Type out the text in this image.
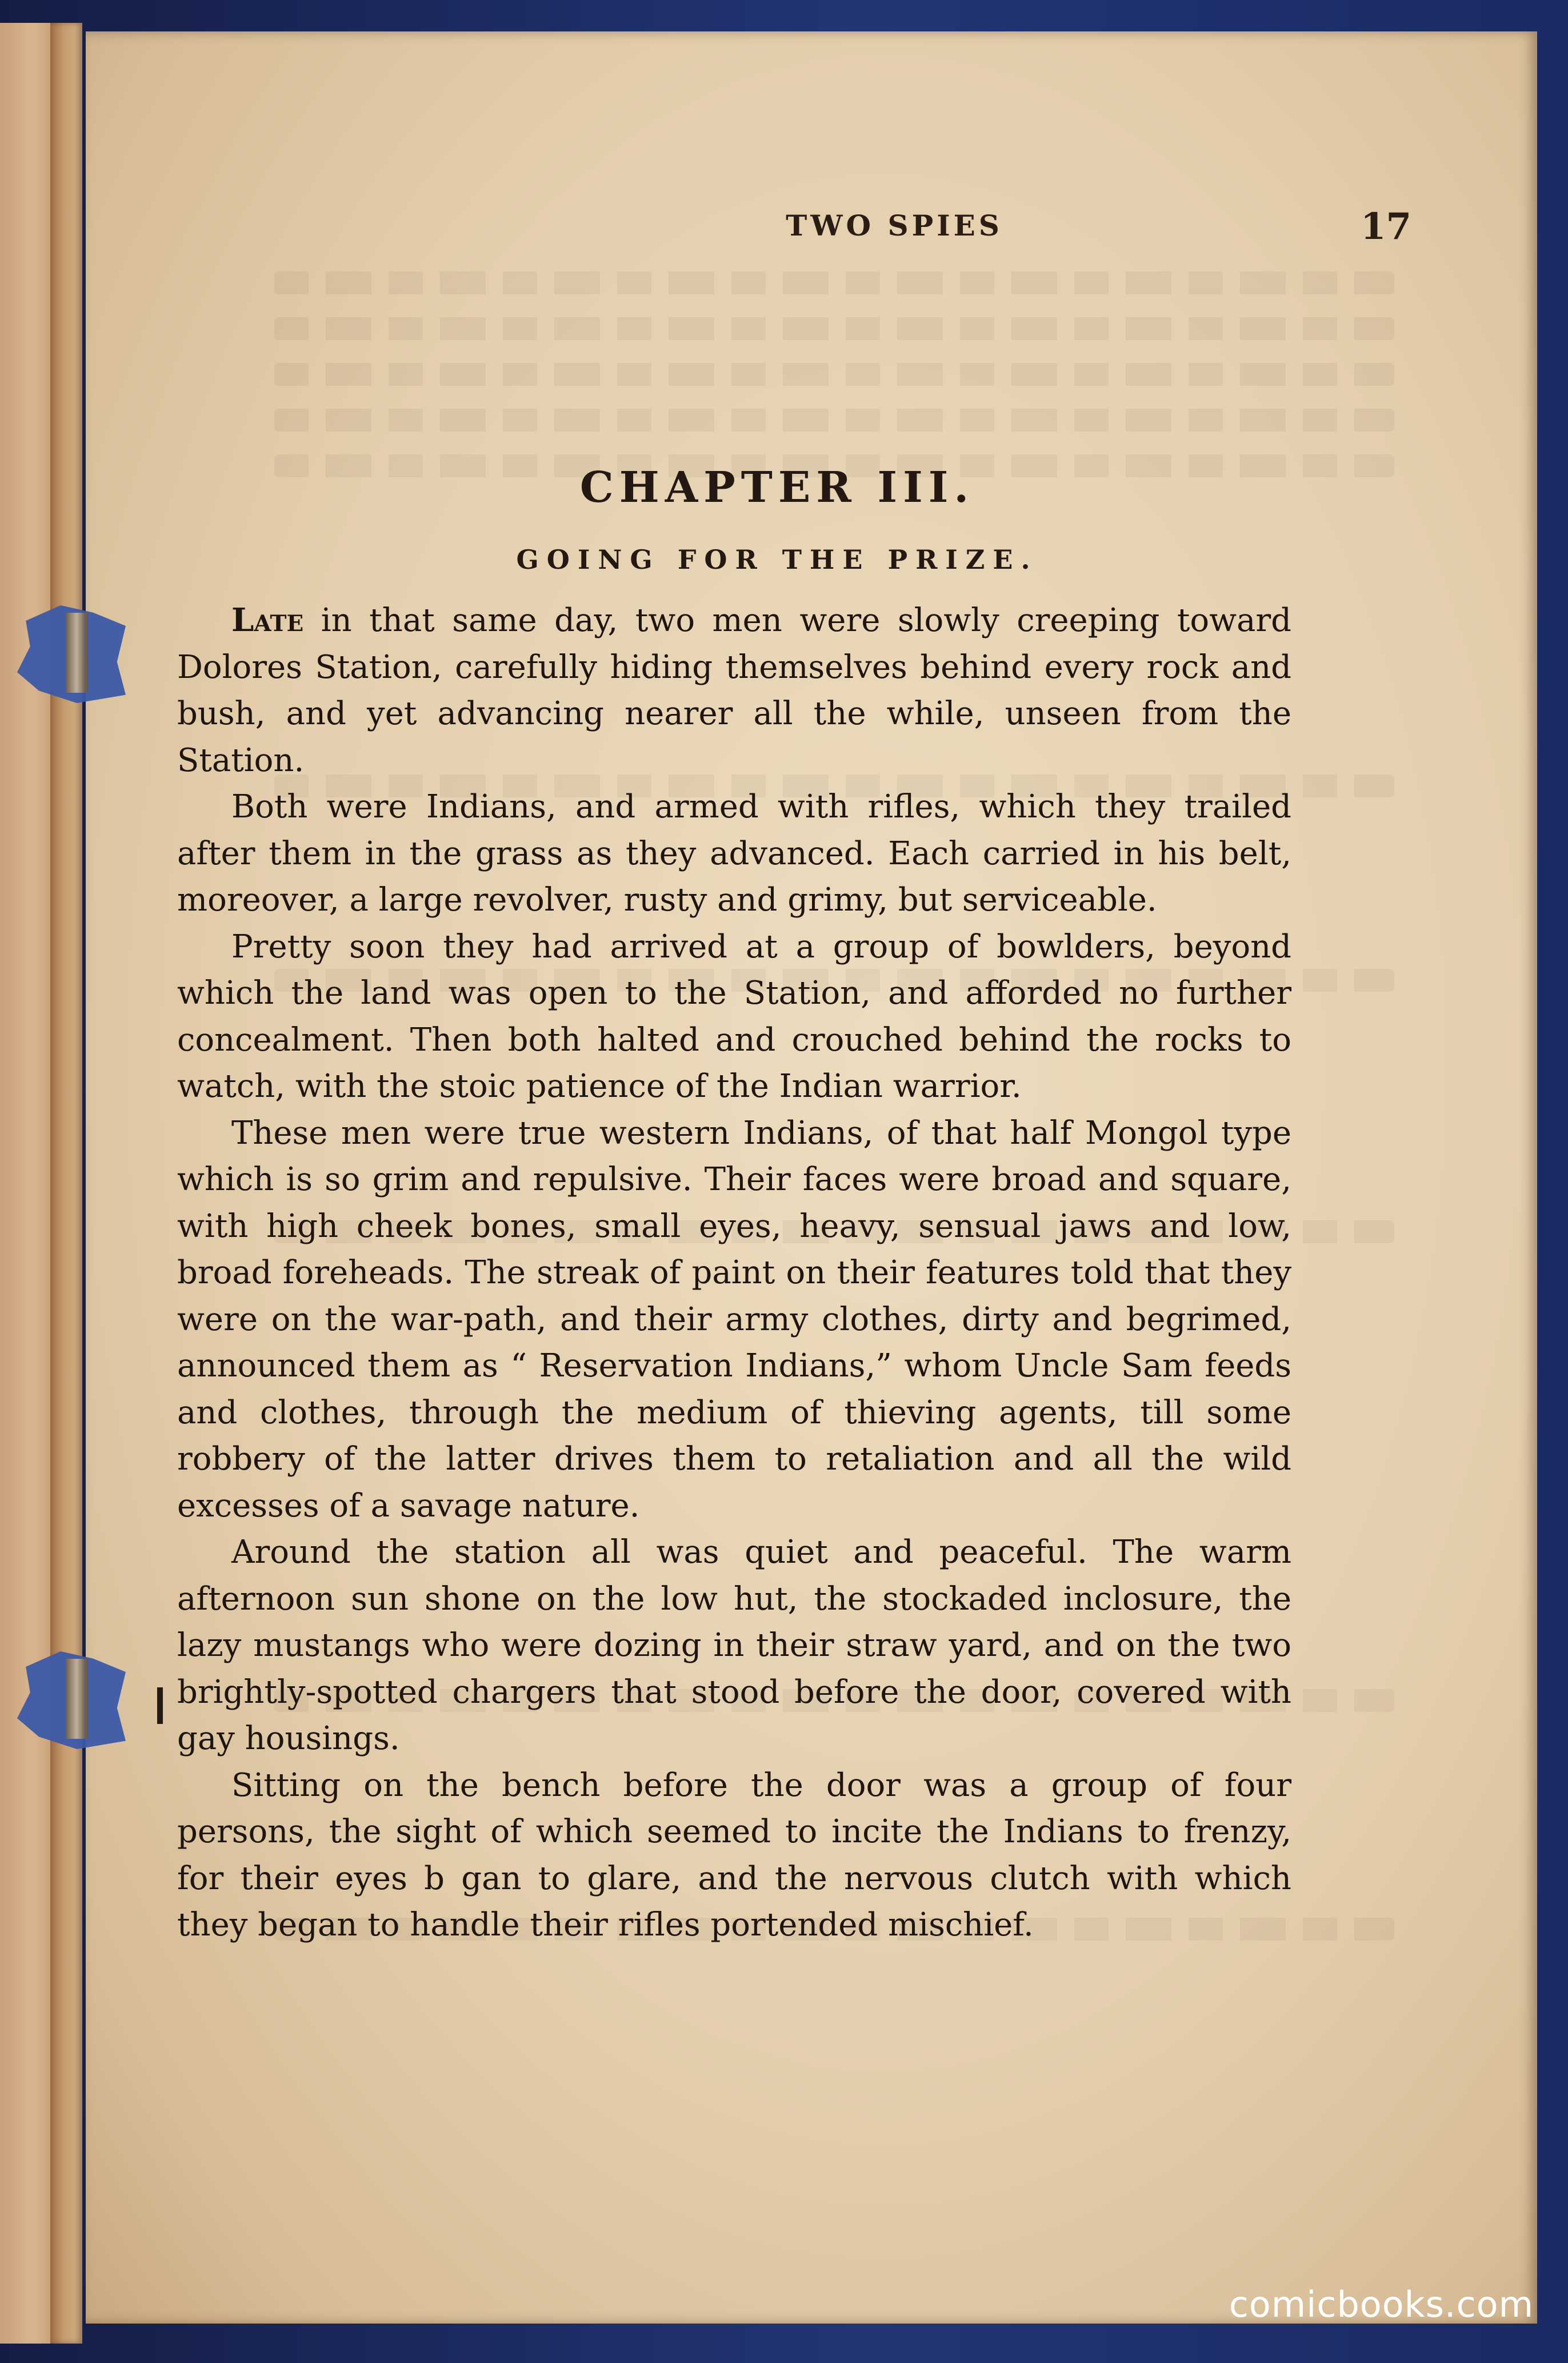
TWO SPIES	17
CHAPTER III.
GOING FOR THE PRIZE.

Late in that same day, two men were slowly creeping toward Dolores Station, carefully hiding themselves behind every rock and bush, and yet advancing nearer all the while, unseen from the Station.

Both were Indians, and armed with rifles, which they trailed after them in the grass as they advanced. Each carried in his belt, moreover, a large revolver, rusty and grimy, but serviceable.

Pretty soon they had arrived at a group of bowlders, beyond which the land was open to the Station, and afforded no further concealment. Then both halted and crouched behind the rocks to watch, with the stoic patience of the Indian warrior.

These men were true western Indians, of that half Mongol type which is so grim and repulsive. Their faces were broad and square, with high cheek bones, small eyes, heavy, sensual jaws and low, broad foreheads. The streak of paint on their features told that they were on the war-path, and their army clothes, dirty and begrimed, announced them as “ Reservation Indians,” whom Uncle Sam feeds and clothes, through the medium of thieving agents, till some robbery of the latter drives them to retaliation and all the wild excesses of a savage nature.

Around the station all was quiet and peaceful. The warm afternoon sun shone on the low hut, the stockaded inclosure, the lazy mustangs who were dozing in their straw yard, and on the two brightly-spotted chargers that stood before the door, covered with gay housings.

Sitting on the bench before the door was a group of four persons, the sight of which seemed to incite the Indians to frenzy, for their eyes b gan to glare, and the nervous clutch with which they began to handle their rifles portended mischief.

comicbooks.com
